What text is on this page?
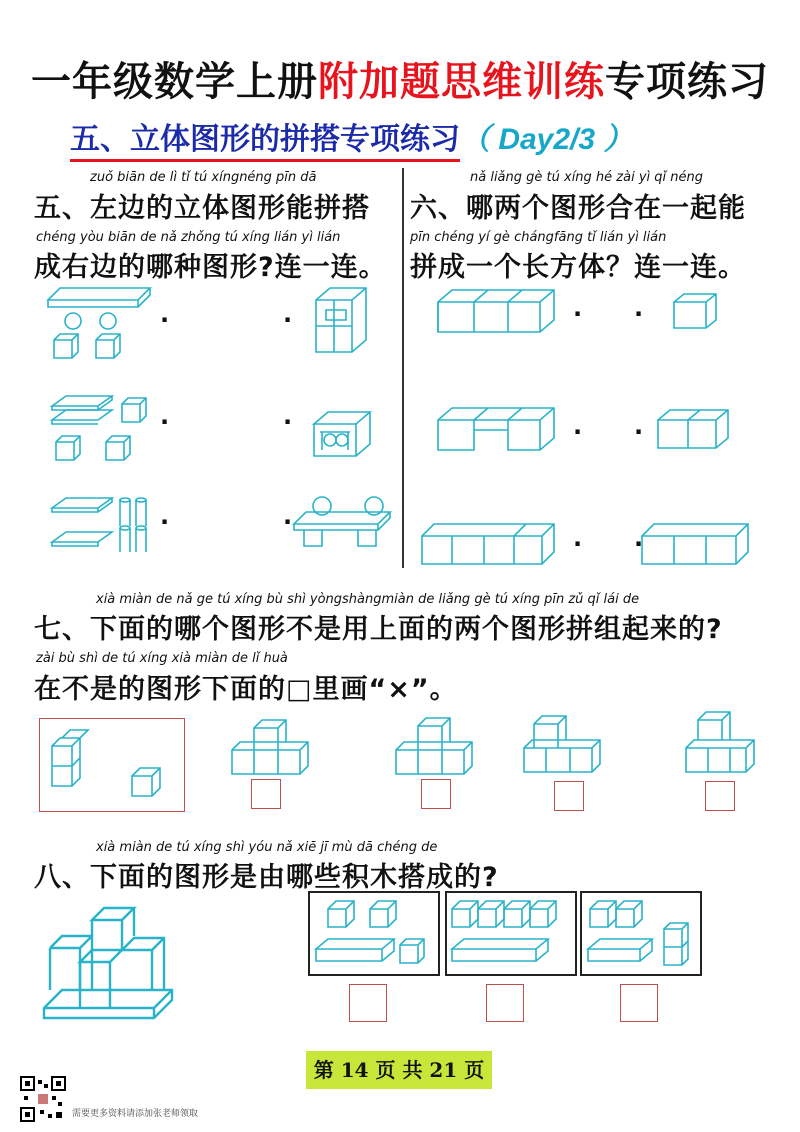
一年级数学上册附加题思维训练专项练习
五、立体图形的拼搭专项练习（ Day2/3 ）
zuǒ biān de lì tǐ tú xíngnéng pīn dā
五、左边的立体图形能拼搭
chéng yòu biān de nǎ zhǒng tú xíng lián yì lián
成右边的哪种图形?连一连。
nǎ liǎng gè tú xíng hé zài yì qǐ néng
六、哪两个图形合在一起能
pīn chéng yí gè chángfāng tǐ lián yì lián
拼成一个长方体？连一连。
·	·
·	·
·	·
· ·
· ·
· ·
xià miàn de nǎ ge tú xíng bù shì yòngshàngmiàn de liǎng gè tú xíng pīn zǔ qǐ lái de
七、下面的哪个图形不是用上面的两个图形拼组起来的?
zài bù shì de tú xíng xià miàn de lǐ huà
在不是的图形下面的□里画“×”。
xià miàn de tú xíng shì yóu nǎ xiē jī mù dā chéng de
八、下面的图形是由哪些积木搭成的?
第 14 页 共 21 页
需要更多资料请添加张老师领取
